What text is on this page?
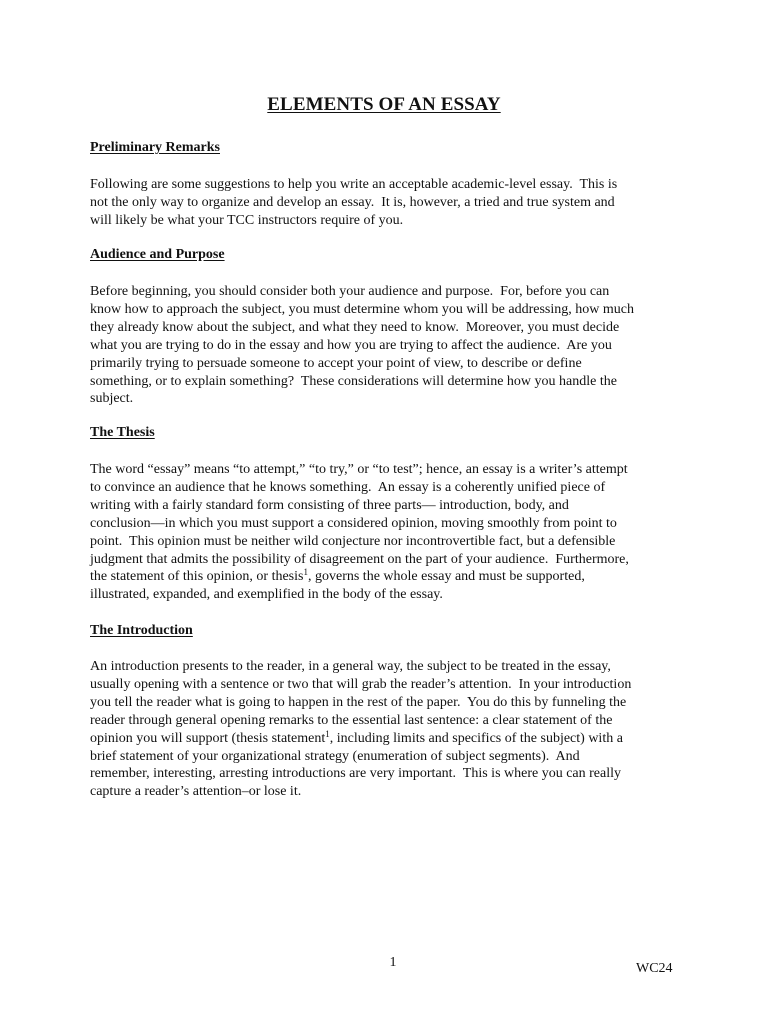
ELEMENTS OF AN ESSAY
Preliminary Remarks

Following are some suggestions to help you write an acceptable academic-level essay.  This is
not the only way to organize and develop an essay.  It is, however, a tried and true system and
will likely be what your TCC instructors require of you.

Audience and Purpose

Before beginning, you should consider both your audience and purpose.  For, before you can
know how to approach the subject, you must determine whom you will be addressing, how much
they already know about the subject, and what they need to know.  Moreover, you must decide
what you are trying to do in the essay and how you are trying to affect the audience.  Are you
primarily trying to persuade someone to accept your point of view, to describe or define
something, or to explain something?  These considerations will determine how you handle the
subject.

The Thesis

The word “essay” means “to attempt,” “to try,” or “to test”; hence, an essay is a writer’s attempt
to convince an audience that he knows something.  An essay is a coherently unified piece of
writing with a fairly standard form consisting of three parts— introduction, body, and
conclusion—in which you must support a considered opinion, moving smoothly from point to
point.  This opinion must be neither wild conjecture nor incontrovertible fact, but a defensible
judgment that admits the possibility of disagreement on the part of your audience.  Furthermore,
the statement of this opinion, or thesis$^1$, governs the whole essay and must be supported,
illustrated, expanded, and exemplified in the body of the essay.

The Introduction

An introduction presents to the reader, in a general way, the subject to be treated in the essay,
usually opening with a sentence or two that will grab the reader’s attention.  In your introduction
you tell the reader what is going to happen in the rest of the paper.  You do this by funneling the
reader through general opening remarks to the essential last sentence: a clear statement of the
opinion you will support (thesis statement$^1$, including limits and specifics of the subject) with a
brief statement of your organizational strategy (enumeration of subject segments).  And
remember, interesting, arresting introductions are very important.  This is where you can really
capture a reader’s attention–or lose it.

1	WC24
